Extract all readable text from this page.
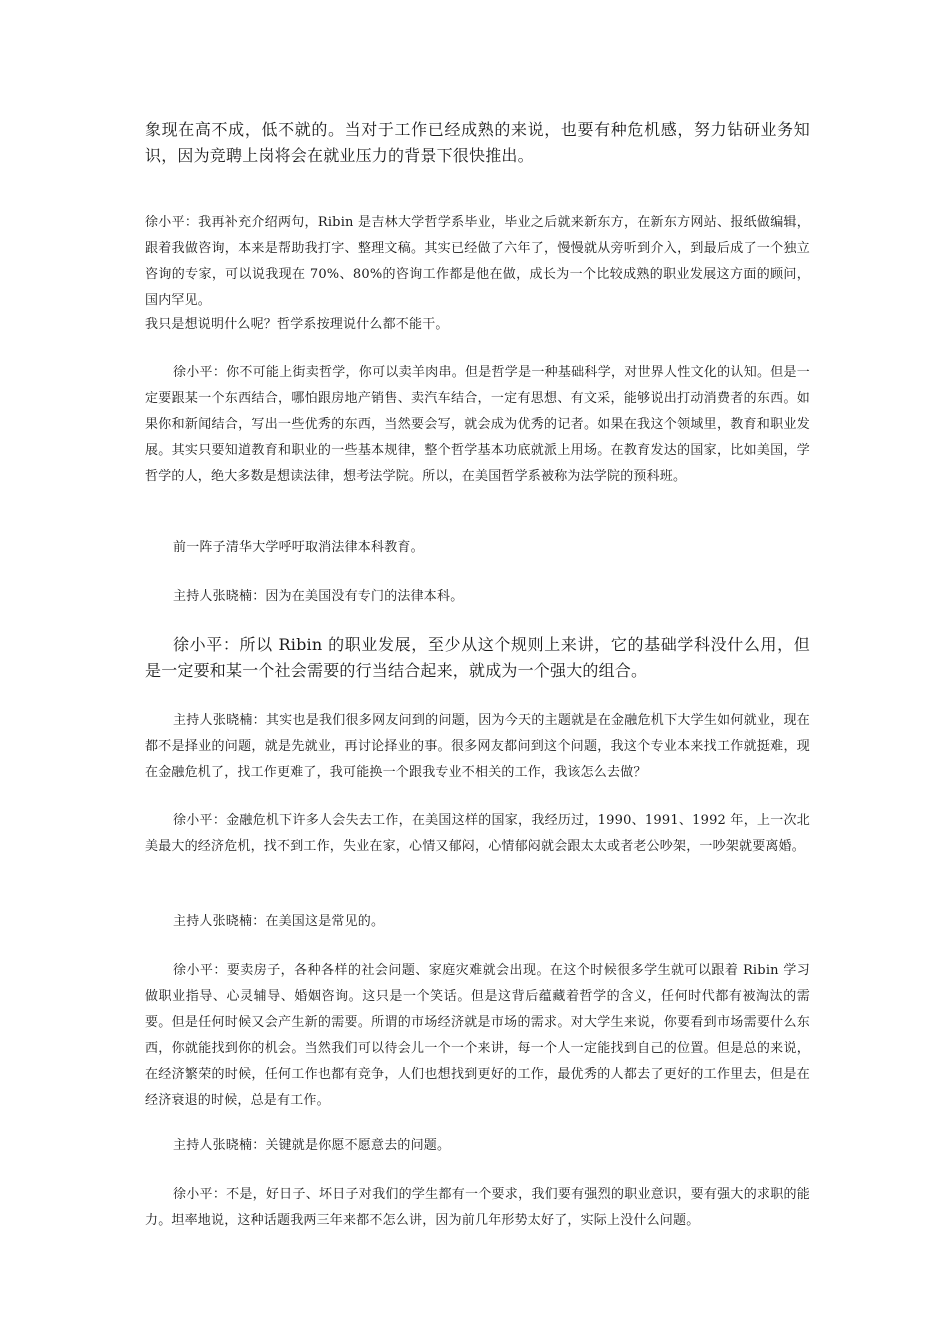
象现在高不成，低不就的。当对于工作已经成熟的来说，也要有种危机感，努力钻研业务知识，因为竞聘上岗将会在就业压力的背景下很快推出。

徐小平：我再补充介绍两句，Ribin 是吉林大学哲学系毕业，毕业之后就来新东方，在新东方网站、报纸做编辑，跟着我做咨询，本来是帮助我打字、整理文稿。其实已经做了六年了，慢慢就从旁听到介入，到最后成了一个独立咨询的专家，可以说我现在 70%、80%的咨询工作都是他在做，成长为一个比较成熟的职业发展这方面的顾问，国内罕见。

我只是想说明什么呢？哲学系按理说什么都不能干。

徐小平：你不可能上街卖哲学，你可以卖羊肉串。但是哲学是一种基础科学，对世界人性文化的认知。但是一定要跟某一个东西结合，哪怕跟房地产销售、卖汽车结合，一定有思想、有文采，能够说出打动消费者的东西。如果你和新闻结合，写出一些优秀的东西，当然要会写，就会成为优秀的记者。如果在我这个领域里，教育和职业发展。其实只要知道教育和职业的一些基本规律，整个哲学基本功底就派上用场。在教育发达的国家，比如美国，学哲学的人，绝大多数是想读法律，想考法学院。所以，在美国哲学系被称为法学院的预科班。

前一阵子清华大学呼吁取消法律本科教育。

主持人张晓楠：因为在美国没有专门的法律本科。

徐小平：所以 Ribin 的职业发展，至少从这个规则上来讲，它的基础学科没什么用，但是一定要和某一个社会需要的行当结合起来，就成为一个强大的组合。

主持人张晓楠：其实也是我们很多网友问到的问题，因为今天的主题就是在金融危机下大学生如何就业，现在都不是择业的问题，就是先就业，再讨论择业的事。很多网友都问到这个问题，我这个专业本来找工作就挺难，现在金融危机了，找工作更难了，我可能换一个跟我专业不相关的工作，我该怎么去做？

徐小平：金融危机下许多人会失去工作，在美国这样的国家，我经历过，1990、1991、1992 年，上一次北美最大的经济危机，找不到工作，失业在家，心情又郁闷，心情郁闷就会跟太太或者老公吵架，一吵架就要离婚。

主持人张晓楠：在美国这是常见的。

徐小平：要卖房子，各种各样的社会问题、家庭灾难就会出现。在这个时候很多学生就可以跟着 Ribin 学习做职业指导、心灵辅导、婚姻咨询。这只是一个笑话。但是这背后蕴藏着哲学的含义，任何时代都有被淘汰的需要。但是任何时候又会产生新的需要。所谓的市场经济就是市场的需求。对大学生来说，你要看到市场需要什么东西，你就能找到你的机会。当然我们可以待会儿一个一个来讲，每一个人一定能找到自己的位置。但是总的来说，在经济繁荣的时候，任何工作也都有竞争，人们也想找到更好的工作，最优秀的人都去了更好的工作里去，但是在经济衰退的时候，总是有工作。

主持人张晓楠：关键就是你愿不愿意去的问题。

徐小平：不是，好日子、坏日子对我们的学生都有一个要求，我们要有强烈的职业意识，要有强大的求职的能力。坦率地说，这种话题我两三年来都不怎么讲，因为前几年形势太好了，实际上没什么问题。
